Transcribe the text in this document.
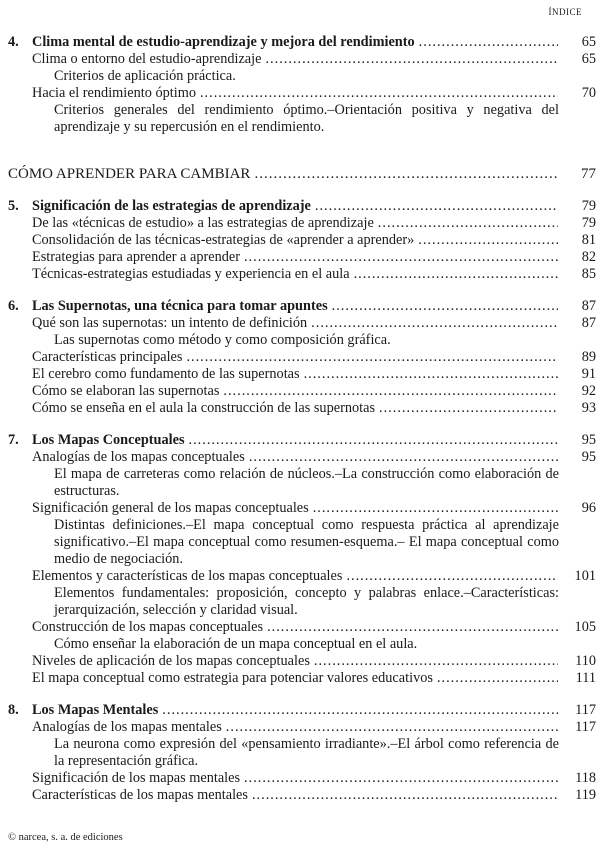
ÍNDICE
4. Clima mental de estudio-aprendizaje y mejora del rendimiento .....	65
Clima o entorno del estudio-aprendizaje .....	65
Criterios de aplicación práctica.
Hacia el rendimiento óptimo .....	70
Criterios generales del rendimiento óptimo.–Orientación positiva y negativa del aprendizaje y su repercusión en el rendimiento.
CÓMO APRENDER PARA CAMBIAR .....	77
5. Significación de las estrategias de aprendizaje .....	79
De las «técnicas de estudio» a las estrategias de aprendizaje .....	79
Consolidación de las técnicas-estrategias de «aprender a aprender» .....	81
Estrategias para aprender a aprender .....	82
Técnicas-estrategias estudiadas y experiencia en el aula .....	85
6. Las Supernotas, una técnica para tomar apuntes .....	87
Qué son las supernotas: un intento de definición .....	87
Las supernotas como método y como composición gráfica.
Características principales .....	89
El cerebro como fundamento de las supernotas .....	91
Cómo se elaboran las supernotas .....	92
Cómo se enseña en el aula la construcción de las supernotas .....	93
7. Los Mapas Conceptuales .....	95
Analogías de los mapas conceptuales .....	95
El mapa de carreteras como relación de núcleos.–La construcción como elaboración de estructuras.
Significación general de los mapas conceptuales .....	96
Distintas definiciones.–El mapa conceptual como respuesta práctica al aprendizaje significativo.–El mapa conceptual como resumen-esquema.– El mapa conceptual como medio de negociación.
Elementos y características de los mapas conceptuales .....	101
Elementos fundamentales: proposición, concepto y palabras enlace.–Características: jerarquización, selección y claridad visual.
Construcción de los mapas conceptuales .....	105
Cómo enseñar la elaboración de un mapa conceptual en el aula.
Niveles de aplicación de los mapas conceptuales .....	110
El mapa conceptual como estrategia para potenciar valores educativos .....	111
8. Los Mapas Mentales .....	117
Analogías de los mapas mentales .....	117
La neurona como expresión del «pensamiento irradiante».–El árbol como referencia de la representación gráfica.
Significación de los mapas mentales .....	118
Características de los mapas mentales .....	119
© narcea, s. a. de ediciones
